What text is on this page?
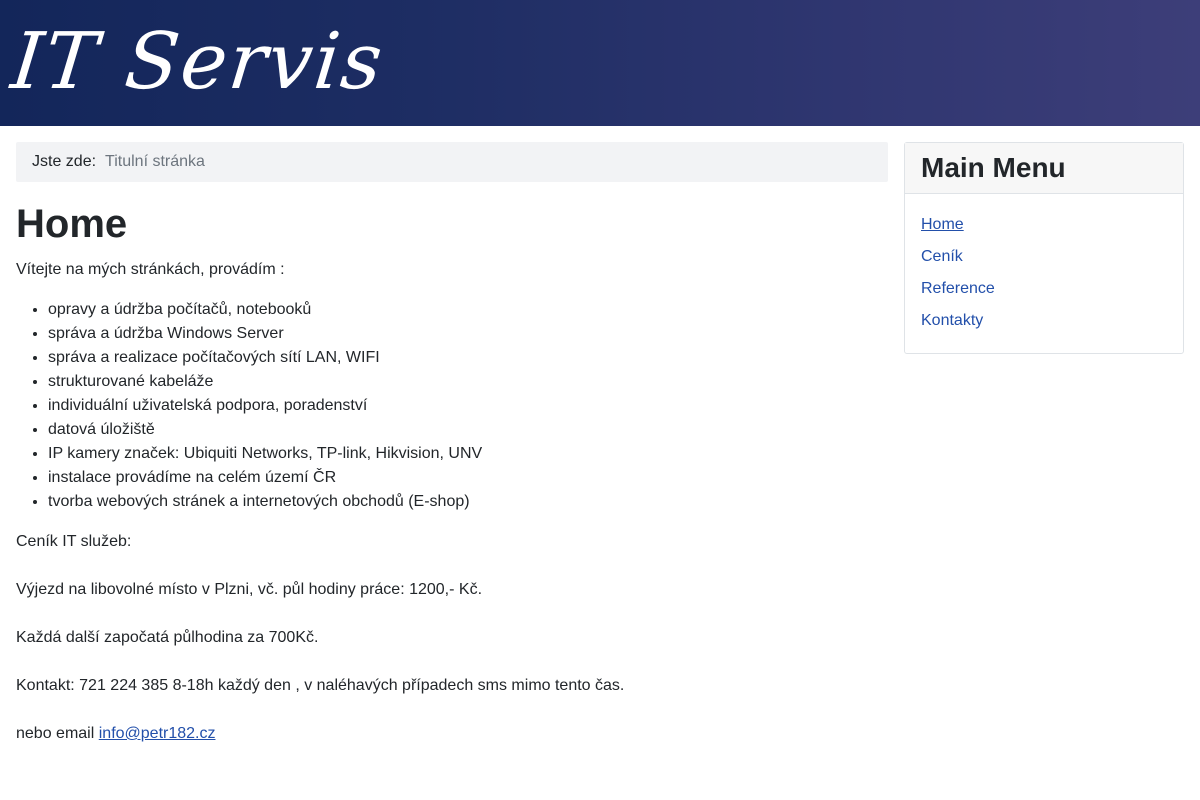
IT Servis
Jste zde: Titulní stránka
Home

Vítejte na mých stránkách, provádím :

• opravy a údržba počítačů, notebooků
• správa a údržba Windows Server
• správa a realizace počítačových sítí LAN, WIFI
• strukturované kabeláže
• individuální uživatelská podpora, poradenství
• datová úložiště
• IP kamery značek: Ubiquiti Networks, TP-link, Hikvision, UNV
• instalace provádíme na celém území ČR
• tvorba webových stránek a internetových obchodů (E-shop)

Ceník IT služeb:

Výjezd na libovolné místo v Plzni, vč. půl hodiny práce: 1200,- Kč.

Každá další započatá půlhodina za 700Kč.

Kontakt: 721 224 385 8-18h každý den , v naléhavých případech sms mimo tento čas.

nebo email info@petr182.cz

Main Menu
Home
Ceník
Reference
Kontakty
